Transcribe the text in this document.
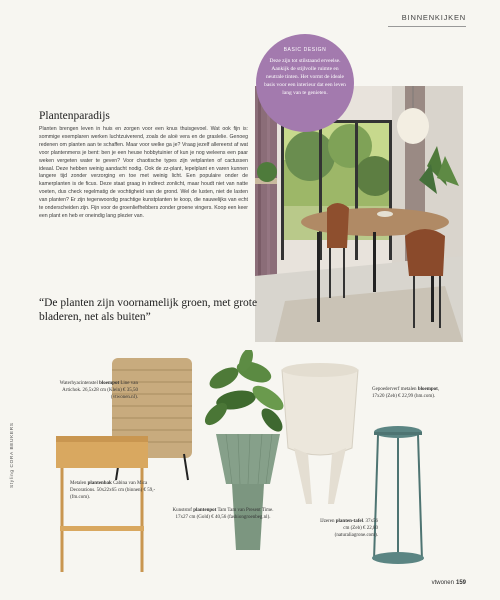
BINNENKIJKEN
BASIC DESIGN
Deze zijn tot stilstaand erveelse. Aankijk de stijlvolle ruimte en neutrale tinten. Het vormt de ideale basis voor een interieur dat een leven lang van te genieten.
Plantenparadijs

Planten brengen leven in huis en zorgen voor een knus thuisgevoel. Wat ook fijn is: sommige exemplaren werken luchtzuiverend, zoals de aloë vera en de graslelie. Genoeg redenen om planten aan te schaffen. Maar voor welke ga je? Vraag jezelf allereerst af wat voor plantenmens je bent: ben je een heuse hobbytuinier of kun je nog weleens een paar weken vergeten water te geven? Voor chaotische types zijn vetplanten of cactussen ideaal. Deze hebben weinig aandacht nodig. Ook de zz-plant, lepelplant en varen kunnen langere tijd zonder verzorging en toe met weinig licht. Een populaire onder de kamerplanten is de ficus. Deze staat graag in indirect zonlicht, maar houdt niet van natte voeten, dus check regelmatig de vochtigheid van de grond. Wel de lusten, niet de lasten van planten? Er zijn tegenwoordig prachtige kunstplanten te koop, die nauwelijks van echt te onderscheiden zijn. Fijn voor de groenliefhebbers zonder groene vingers. Koop een keer een plant en heb er oneindig lang plezier van.

“De planten zijn voornamelijk groen, met grote bladeren, net als buiten”

Waterhyacintenstel bloempot Line van Artichok. 26,5x28 cm (Klein) € 35,50 (vtwonen.nl).
Metalen plantenbak Cabina van Mica Decorations. 50x22x65 cm (binnen) € 59,- (fm.com).
Kunststof plantenpot Tam Tam van Present Time. 17x27 cm (Gold) € 40,56 (fashiongroenbeg.nl).
Gepoederverf metalen bloempot, 17x20 (Zeb) € 22,99 (hm.com).
IJzeren planten-tafel. 37x56 cm (Zeb) € 22,80 (naturaliagrone.com).
Styling CORA BEUKERS
vtwonen 159
